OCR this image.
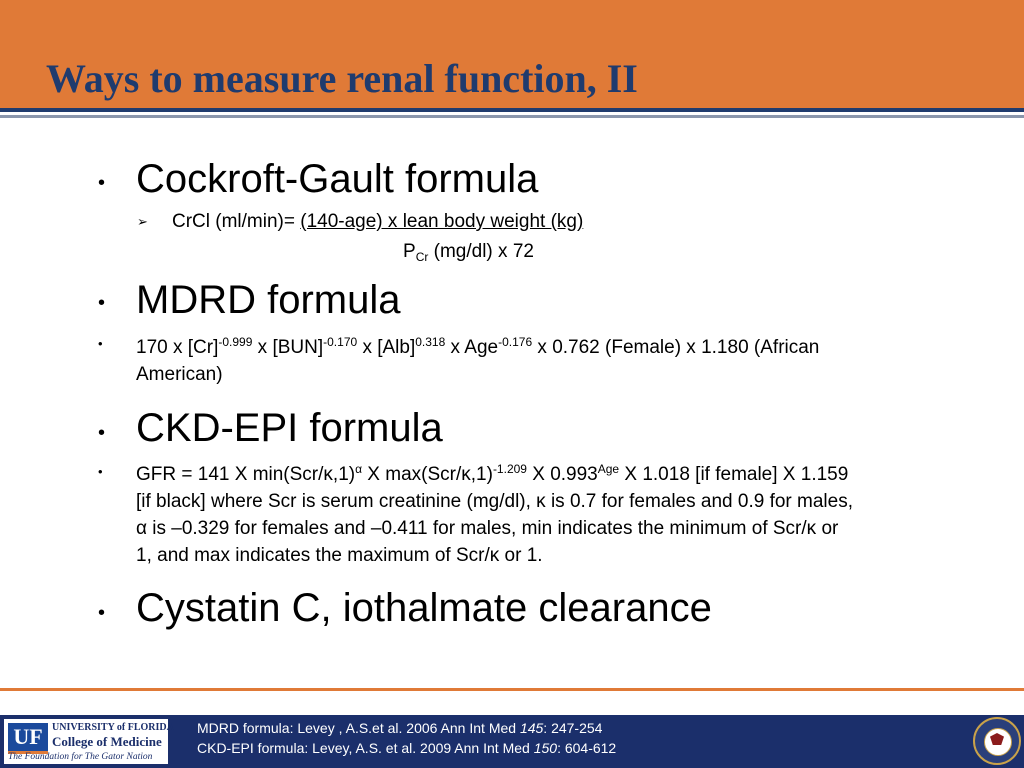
Ways to measure renal function, II
• Cockroft-Gault formula
➢ CrCl (ml/min)= (140-age) x lean body weight (kg)
$P_{Cr}$ (mg/dl) x 72
• MDRD formula
• 170 x $[Cr]^{-0.999}$ x [BUN]$^{-0.170}$ x [Alb]$^{0.318}$ x Age$^{-0.176}$ x 0.762 (Female) x 1.180 (African
American)
• CKD-EPI formula
• GFR = 141 X $\min(Scr/\kappa,1)^\alpha$ X $\max(Scr/\kappa,1)^{-1.209}$ X $0.993^{Age}$ X 1.018 [if female] X 1.159
[if black] where Scr is serum creatinine (mg/dl), κ is 0.7 for females and 0.9 for males,
α is –0.329 for females and –0.411 for males, min indicates the minimum of Scr/κ or
1, and max indicates the maximum of Scr/κ or 1.
• Cystatin C, iothalmate clearance
UF UNIVERSITY of FLORIDA
College of Medicine
The Foundation for The Gator Nation
MDRD formula: Levey , A.S.et al. 2006 Ann Int Med 145: 247-254
CKD-EPI formula: Levey, A.S. et al. 2009 Ann Int Med 150: 604-612
